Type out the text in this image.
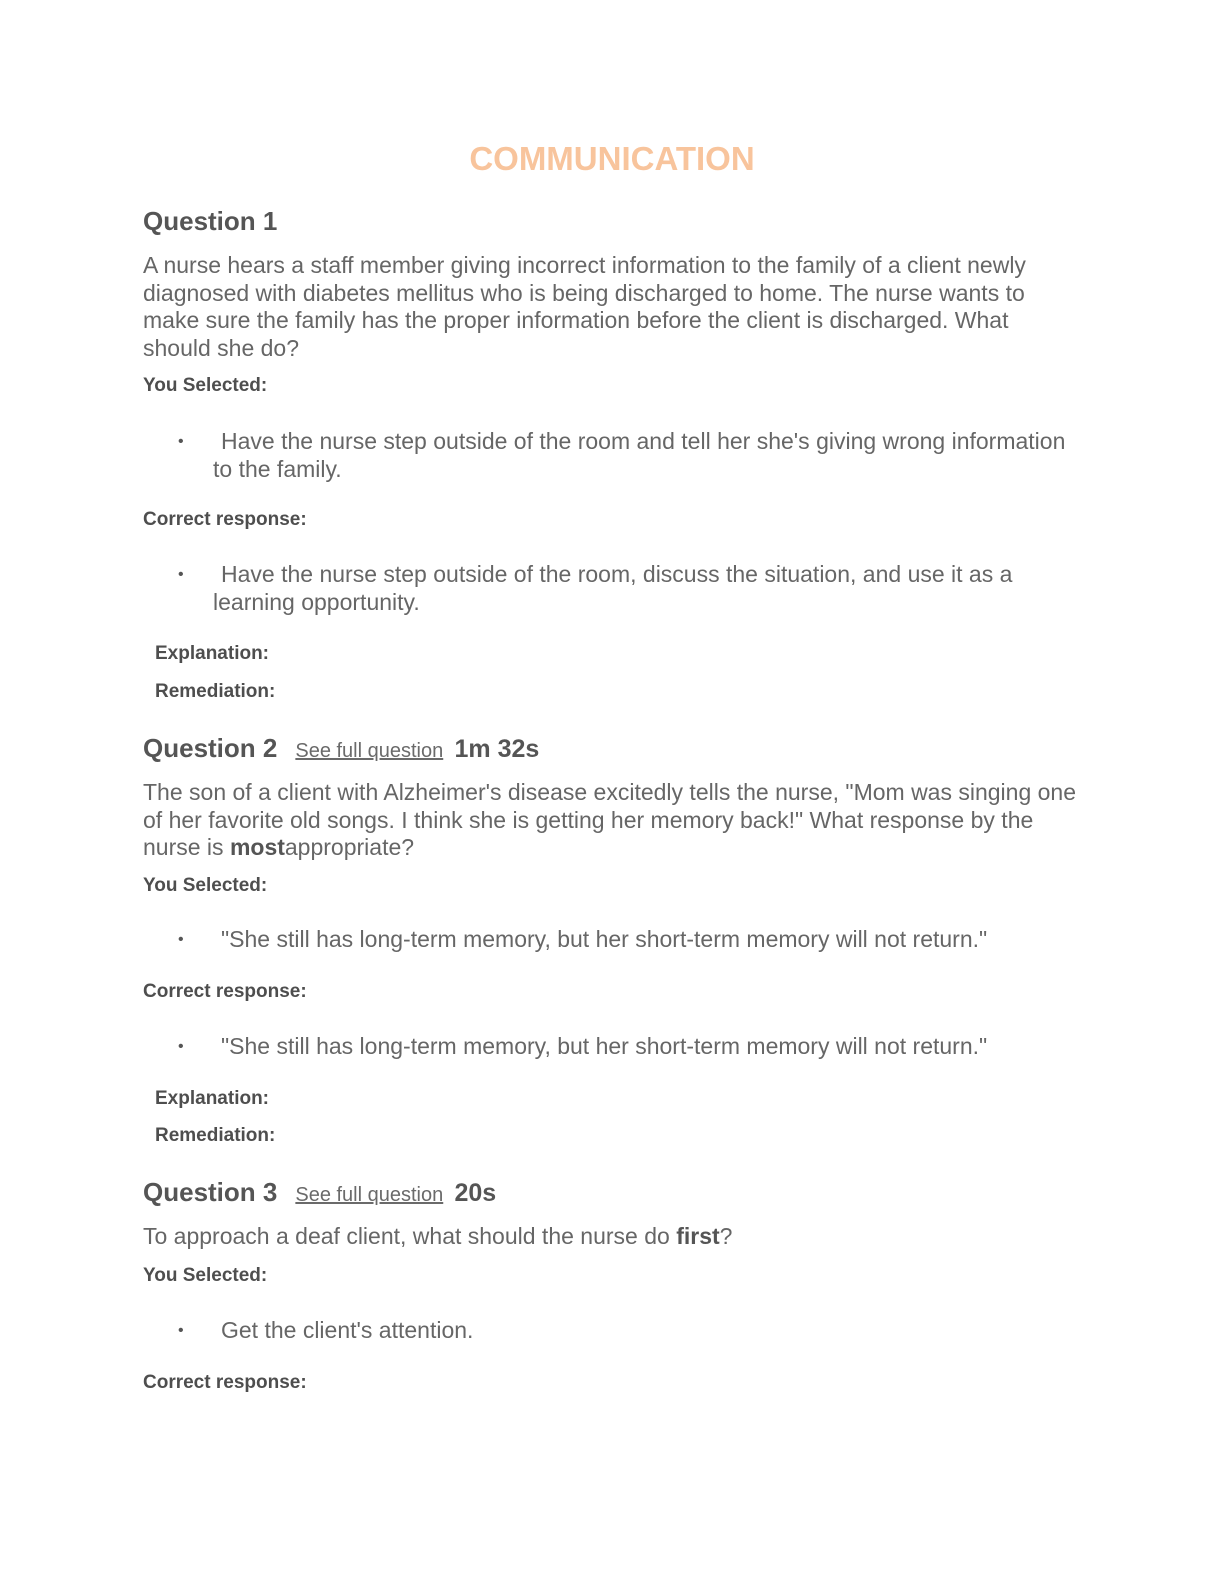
COMMUNICATION
Question 1

A nurse hears a staff member giving incorrect information to the family of a client newly diagnosed with diabetes mellitus who is being discharged to home. The nurse wants to make sure the family has the proper information before the client is discharged. What should she do?

You Selected:

• Have the nurse step outside of the room and tell her she's giving wrong information to the family.

Correct response:

• Have the nurse step outside of the room, discuss the situation, and use it as a learning opportunity.

Explanation:

Remediation:

Question 2 See full question 1m 32s

The son of a client with Alzheimer's disease excitedly tells the nurse, "Mom was singing one of her favorite old songs. I think she is getting her memory back!" What response by the nurse is mostappropriate?

You Selected:

• "She still has long-term memory, but her short-term memory will not return."

Correct response:

• "She still has long-term memory, but her short-term memory will not return."

Explanation:

Remediation:

Question 3 See full question 20s

To approach a deaf client, what should the nurse do first?

You Selected:

• Get the client's attention.

Correct response:
